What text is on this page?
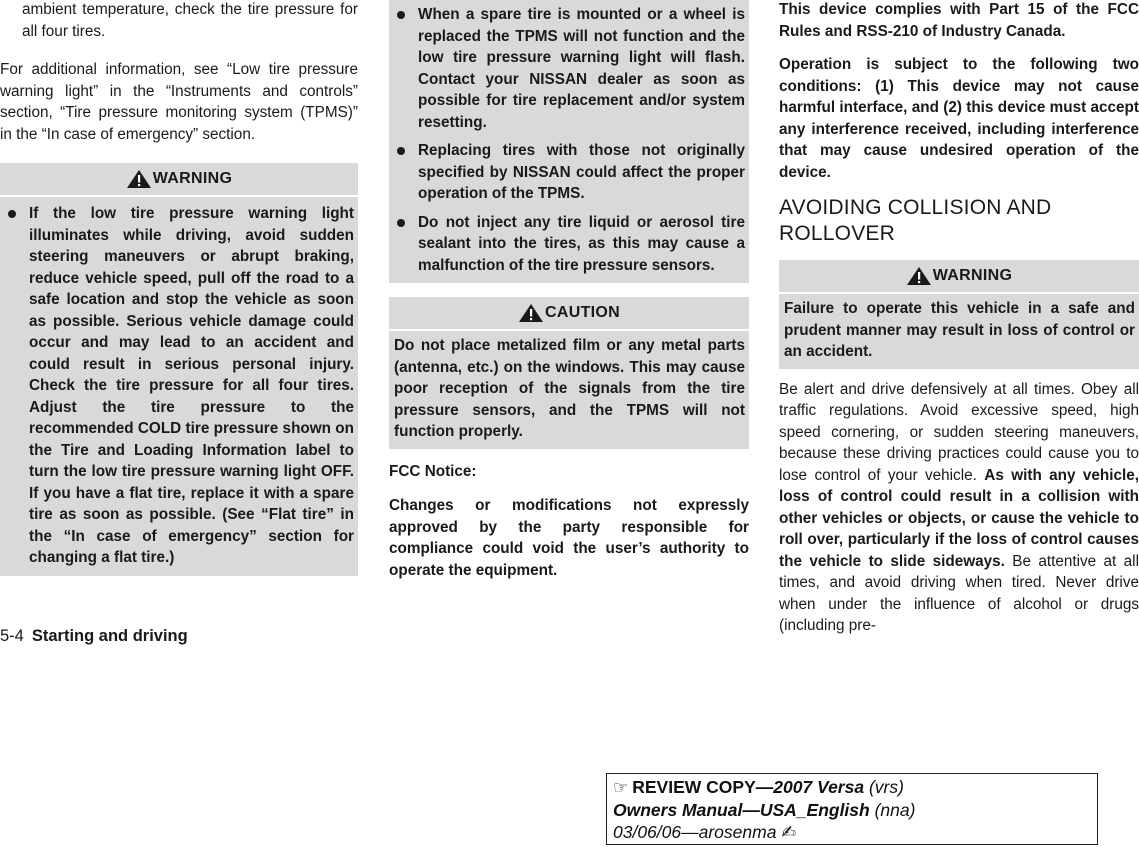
ambient temperature, check the tire pressure for all four tires.
For additional information, see “Low tire pressure warning light” in the “Instruments and controls” section, “Tire pressure monitoring system (TPMS)” in the “In case of emergency” section.
WARNING
If the low tire pressure warning light illuminates while driving, avoid sudden steering maneuvers or abrupt braking, reduce vehicle speed, pull off the road to a safe location and stop the vehicle as soon as possible. Serious vehicle damage could occur and may lead to an accident and could result in serious personal injury. Check the tire pressure for all four tires. Adjust the tire pressure to the recommended COLD tire pressure shown on the Tire and Loading Information label to turn the low tire pressure warning light OFF. If you have a flat tire, replace it with a spare tire as soon as possible. (See “Flat tire” in the “In case of emergency” section for changing a flat tire.)
When a spare tire is mounted or a wheel is replaced the TPMS will not function and the low tire pressure warning light will flash. Contact your NISSAN dealer as soon as possible for tire replacement and/or system resetting.
Replacing tires with those not originally specified by NISSAN could affect the proper operation of the TPMS.
Do not inject any tire liquid or aerosol tire sealant into the tires, as this may cause a malfunction of the tire pressure sensors.
CAUTION
Do not place metalized film or any metal parts (antenna, etc.) on the windows. This may cause poor reception of the signals from the tire pressure sensors, and the TPMS will not function properly.
FCC Notice:
Changes or modifications not expressly approved by the party responsible for compliance could void the user’s authority to operate the equipment.
This device complies with Part 15 of the FCC Rules and RSS-210 of Industry Canada.
Operation is subject to the following two conditions: (1) This device may not cause harmful interface, and (2) this device must accept any interference received, including interference that may cause undesired operation of the device.
AVOIDING COLLISION AND ROLLOVER
WARNING
Failure to operate this vehicle in a safe and prudent manner may result in loss of control or an accident.
Be alert and drive defensively at all times. Obey all traffic regulations. Avoid excessive speed, high speed cornering, or sudden steering maneuvers, because these driving practices could cause you to lose control of your vehicle. As with any vehicle, loss of control could result in a collision with other vehicles or objects, or cause the vehicle to roll over, particularly if the loss of control causes the vehicle to slide sideways. Be attentive at all times, and avoid driving when tired. Never drive when under the influence of alcohol or drugs (including pre-
5-4 Starting and driving
☞ REVIEW COPY—2007 Versa (vrs)
Owners Manual—USA_English (nna)
03/06/06—arosenma ✍
